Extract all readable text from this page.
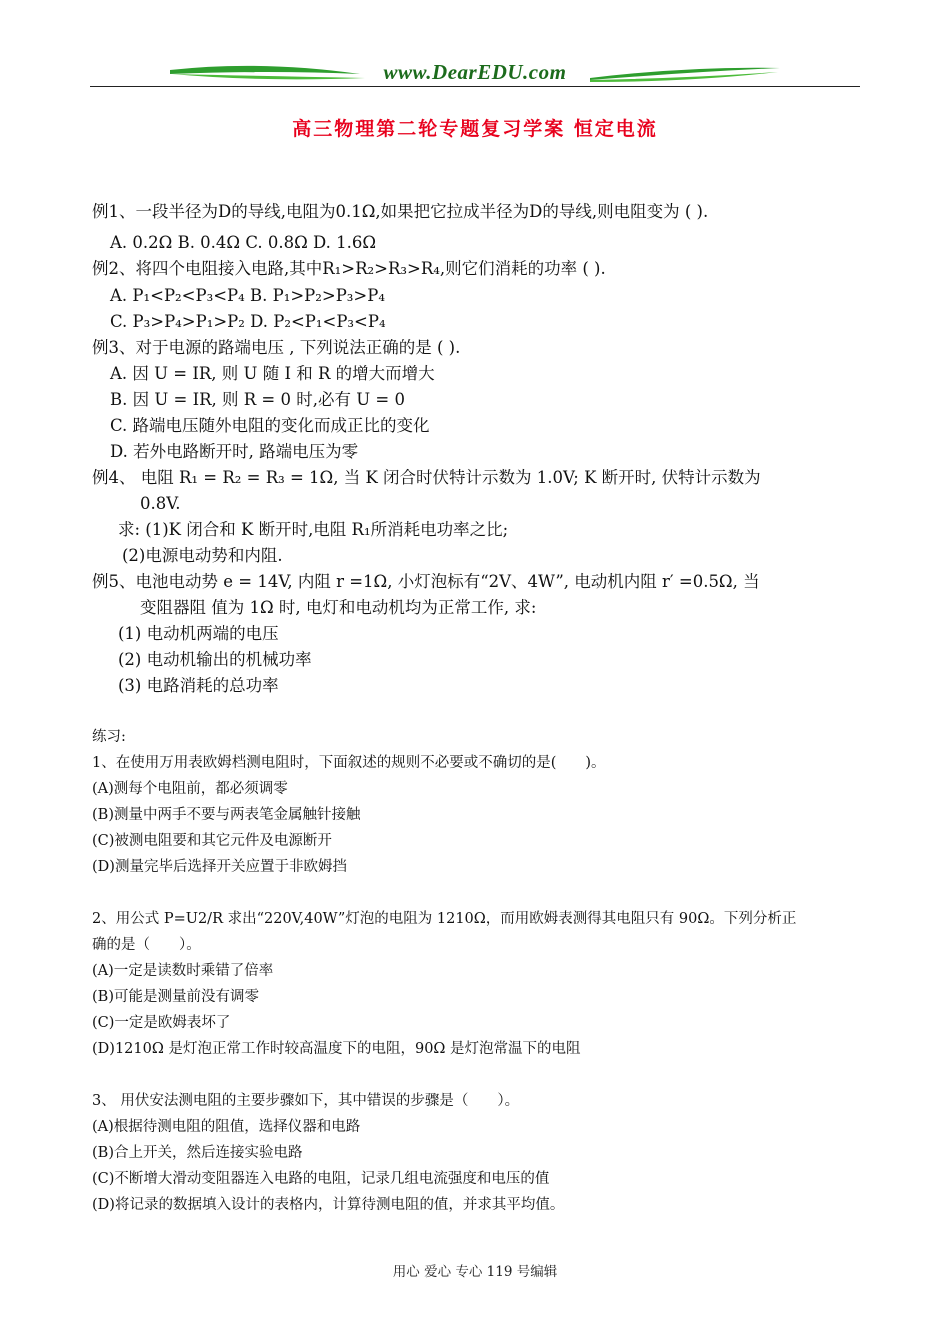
www.DearEDU.com
高三物理第二轮专题复习学案 恒定电流
例1、一段半径为D的导线,电阻为0.1Ω,如果把它拉成半径为D的导线,则电阻变为 ( ).
A. 0.2Ω B. 0.4Ω C. 0.8Ω D. 1.6Ω
例2、将四个电阻接入电路,其中R₁>R₂>R₃>R₄,则它们消耗的功率 ( ).
A. P₁<P₂<P₃<P₄ B. P₁>P₂>P₃>P₄
C. P₃>P₄>P₁>P₂ D. P₂<P₁<P₃<P₄
例3、对于电源的路端电压 , 下列说法正确的是 ( ).
A. 因 U = IR, 则 U 随 I 和 R 的增大而增大
B. 因 U = IR, 则 R = 0 时,必有 U = 0
C. 路端电压随外电阻的变化而成正比的变化
D. 若外电路断开时, 路端电压为零
例4、 电阻 R₁ = R₂ = R₃ = 1Ω, 当 K 闭合时伏特计示数为 1.0V; K 断开时, 伏特计示数为
0.8V.
求: (1)K 闭合和 K 断开时,电阻 R₁所消耗电功率之比;
(2)电源电动势和内阻.
例5、电池电动势 e = 14V, 内阻 r =1Ω, 小灯泡标有“2V、4W”, 电动机内阻 r′ =0.5Ω, 当
变阻器阻 值为 1Ω 时, 电灯和电动机均为正常工作, 求:
(1) 电动机两端的电压
(2) 电动机输出的机械功率
(3) 电路消耗的总功率
练习:
1、在使用万用表欧姆档测电阻时，下面叙述的规则不必要或不确切的是(　　)。
(A)测每个电阻前，都必须调零
(B)测量中两手不要与两表笔金属触针接触
(C)被测电阻要和其它元件及电源断开
(D)测量完毕后选择开关应置于非欧姆挡
2、用公式 P=U2/R 求出“220V,40W”灯泡的电阻为 1210Ω，而用欧姆表测得其电阻只有 90Ω。下列分析正
确的是（　　）。
(A)一定是读数时乘错了倍率
(B)可能是测量前没有调零
(C)一定是欧姆表坏了
(D)1210Ω 是灯泡正常工作时较高温度下的电阻，90Ω 是灯泡常温下的电阻
3、 用伏安法测电阻的主要步骤如下，其中错误的步骤是（　　）。
(A)根据待测电阻的阻值，选择仪器和电路
(B)合上开关，然后连接实验电路
(C)不断增大滑动变阻器连入电路的电阻，记录几组电流强度和电压的值
(D)将记录的数据填入设计的表格内，计算待测电阻的值，并求其平均值。
用心 爱心 专心 119 号编辑
